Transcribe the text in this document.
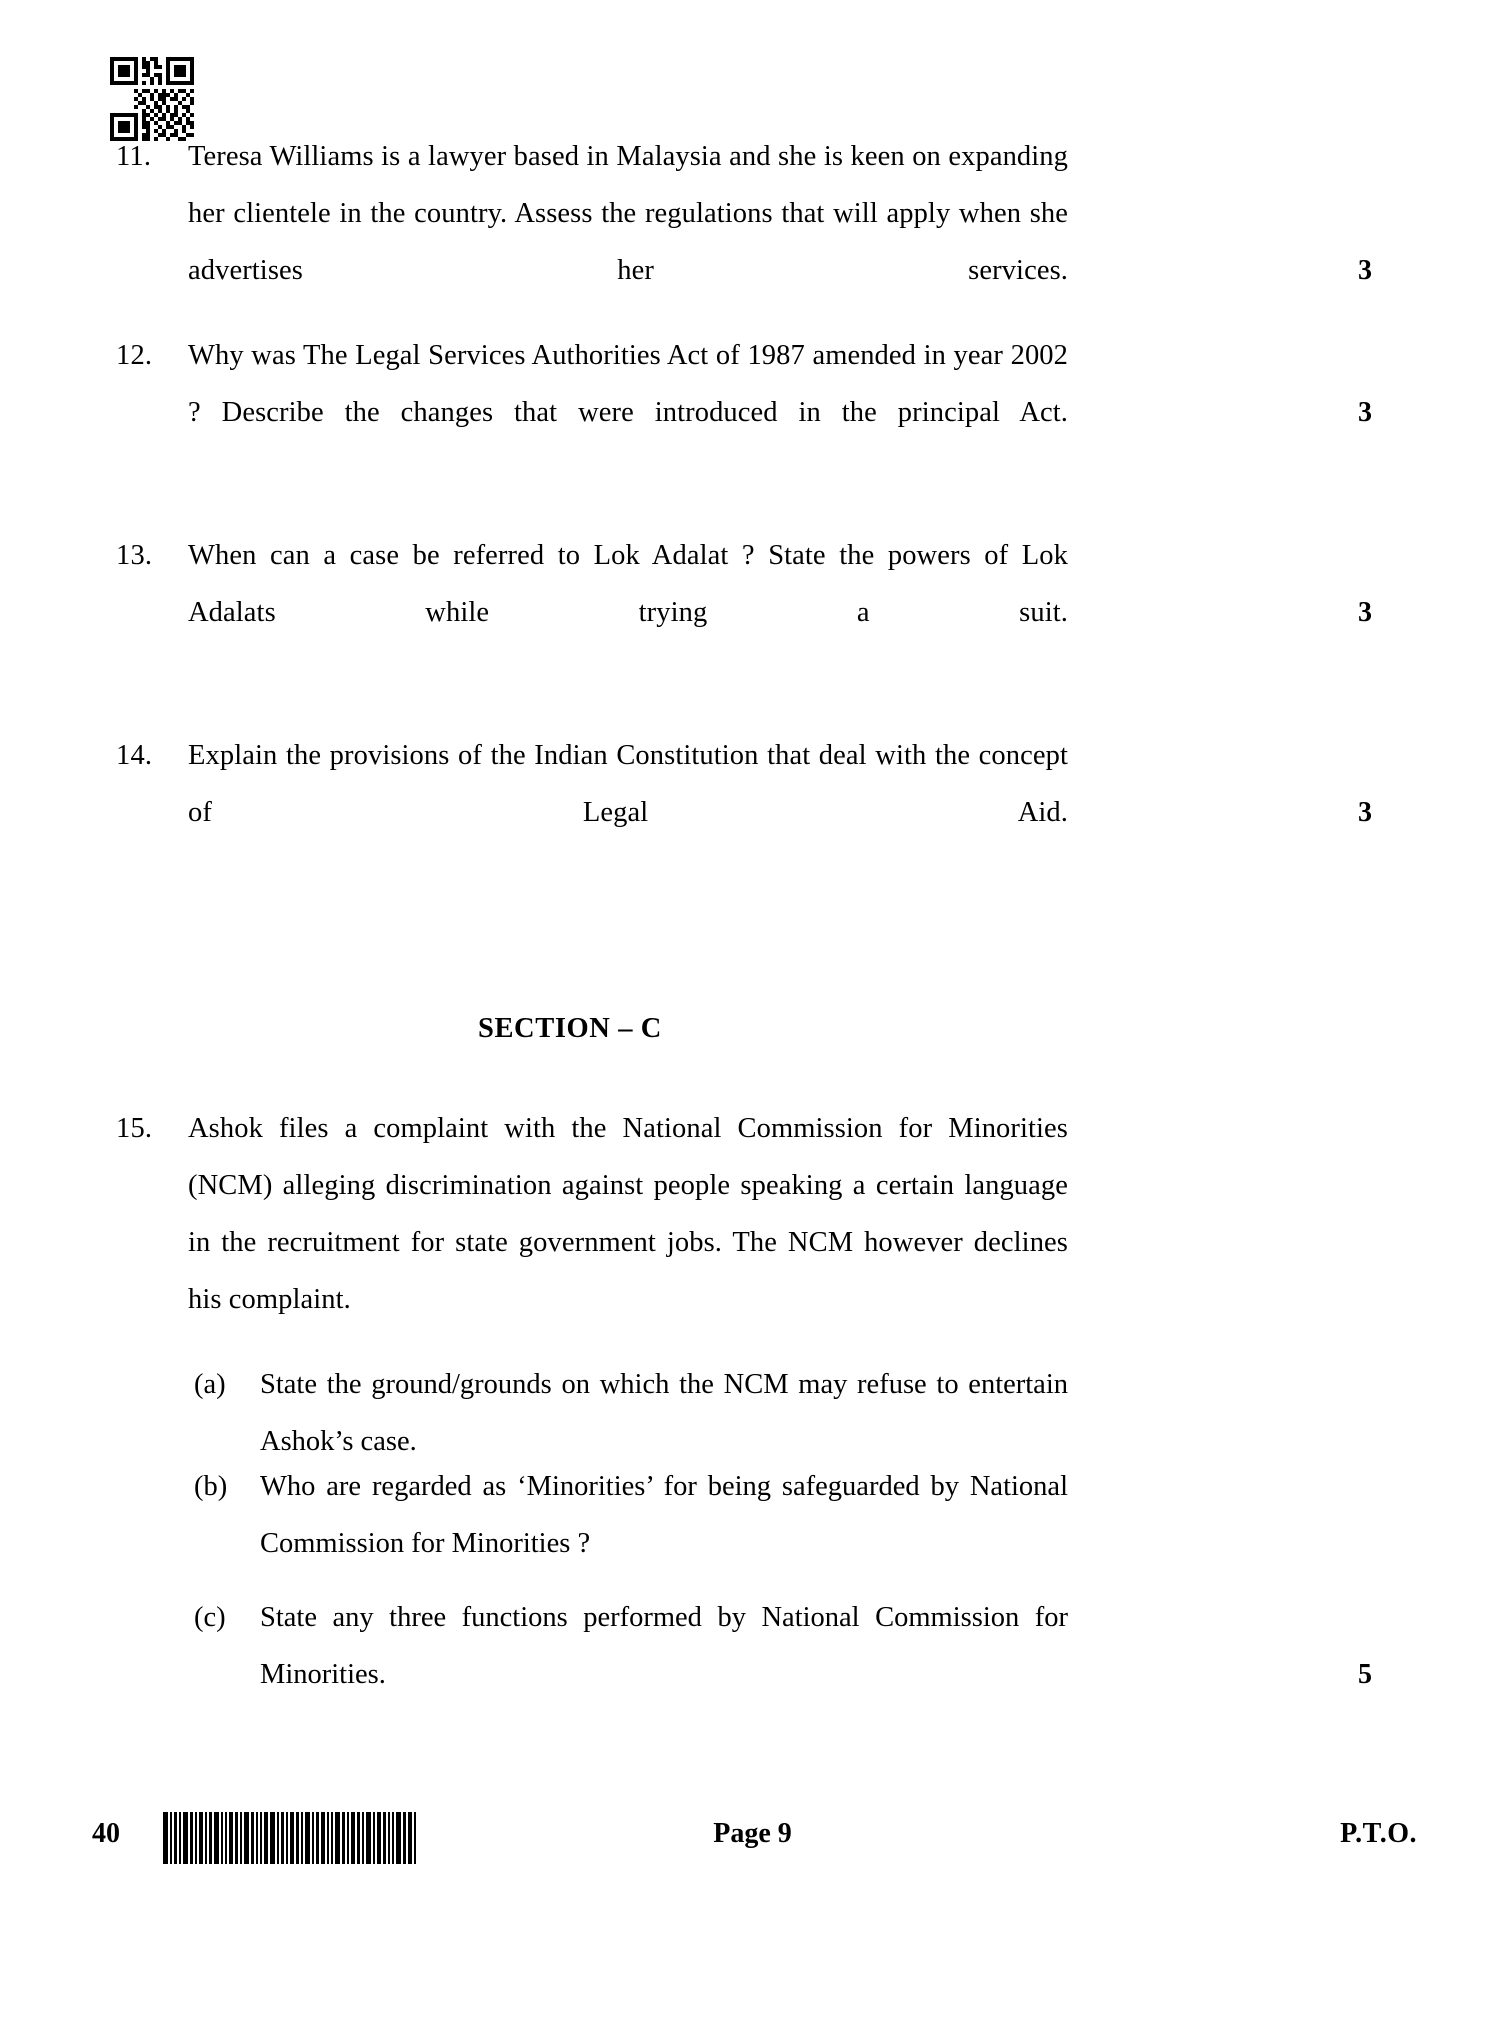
11.	Teresa Williams is a lawyer based in Malaysia and she is keen on expanding her clientele in the country. Assess the regulations that will apply when she advertises her services.	3
12.	Why was The Legal Services Authorities Act of 1987 amended in year 2002 ? Describe the changes that were introduced in the principal Act.	3
13.	When can a case be referred to Lok Adalat ? State the powers of Lok Adalats while trying a suit.	3
14.	Explain the provisions of the Indian Constitution that deal with the concept of Legal Aid.	3
SECTION – C
15.	Ashok files a complaint with the National Commission for Minorities (NCM) alleging discrimination against people speaking a certain language in the recruitment for state government jobs. The NCM however declines his complaint.
(a)	State the ground/grounds on which the NCM may refuse to entertain Ashok’s case.
(b)	Who are regarded as ‘Minorities’ for being safeguarded by National Commission for Minorities ?
(c)	State any three functions performed by National Commission for Minorities.	5
40	Page 9	P.T.O.
